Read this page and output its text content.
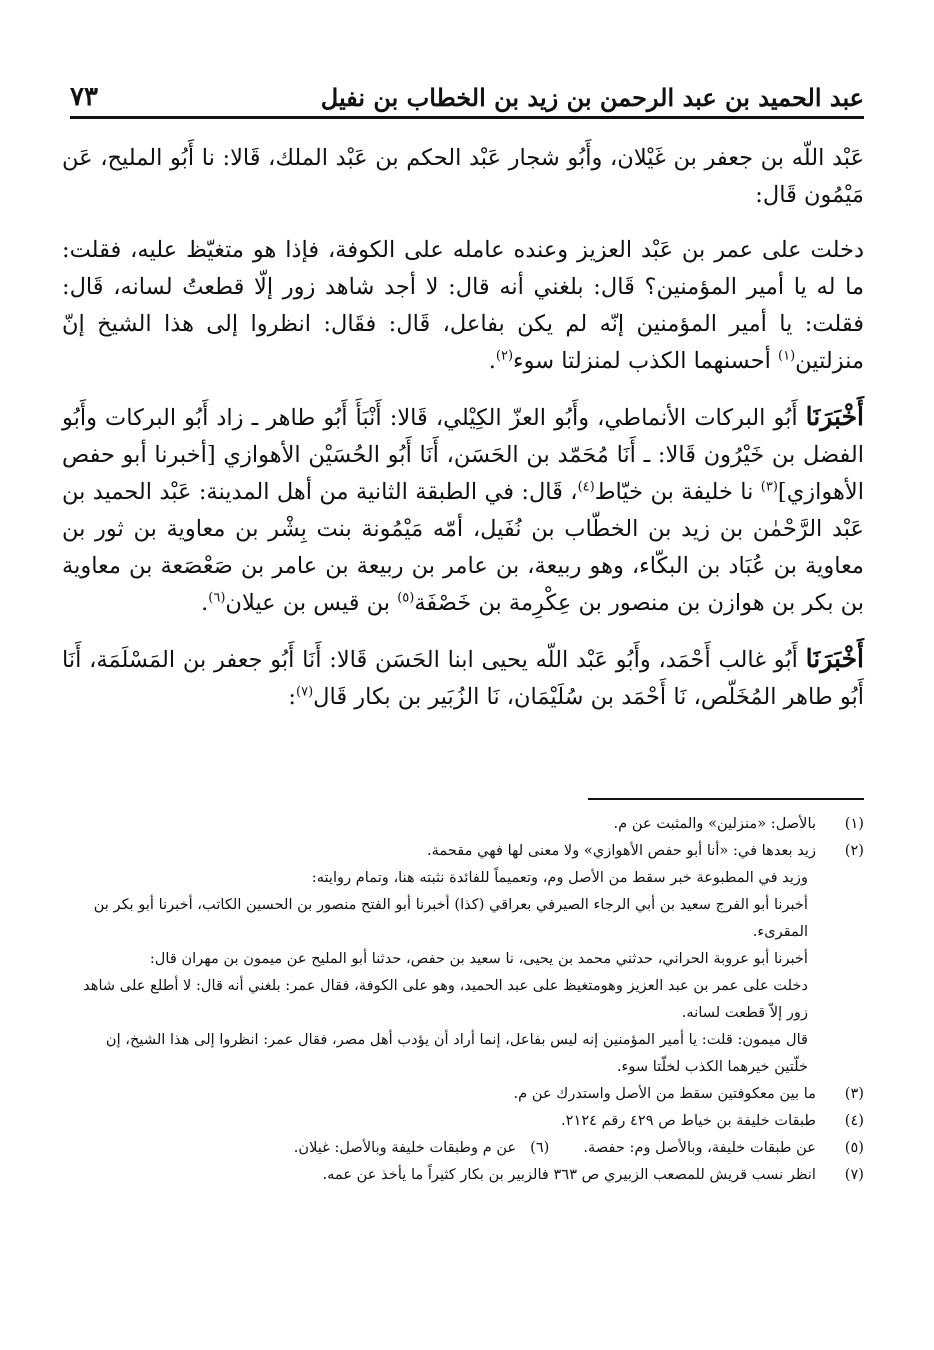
عبد الحميد بن عبد الرحمن بن زيد بن الخطاب بن نفيل
٧٣

عَبْد اللّه بن جعفر بن غَيْلان، وأَبُو شجار عَبْد الحكم بن عَبْد الملك، قَالا: نا أَبُو المليح، عَن مَيْمُون قَال:

دخلت على عمر بن عَبْد العزيز وعنده عامله على الكوفة، فإذا هو متغيّظ عليه، فقلت: ما له يا أمير المؤمنين؟ قَال: بلغني أنه قال: لا أجد شاهد زور إلّا قطعتُ لسانه، قَال: فقلت: يا أمير المؤمنين إنّه لم يكن بفاعل، قَال: فقَال: انظروا إلى هذا الشيخ إنّ منزلتين$^{(١)}$ أحسنهما الكذب لمنزلتا سوء$^{(٢)}$.

أَخْبَرَنَا أَبُو البركات الأنماطي، وأَبُو العزّ الكِيْلي، قَالا: أَنْبَأَ أَبُو طاهر ـ زاد أَبُو البركات وأَبُو الفضل بن خَيْرُون قَالا: ـ أَنَا مُحَمّد بن الحَسَن، أَنَا أَبُو الحُسَيْن الأهوازي [أخبرنا أبو حفص الأهوازي]$^{(٣)}$ نا خليفة بن خيّاط$^{(٤)}$، قَال: في الطبقة الثانية من أهل المدينة: عَبْد الحميد بن عَبْد الرَّحْمٰن بن زيد بن الخطّاب بن نُفَيل، أمّه مَيْمُونة بنت بِشْر بن معاوية بن ثور بن معاوية بن عُبَاد بن البكّاء، وهو ربيعة، بن عامر بن ربيعة بن عامر بن صَعْصَعة بن معاوية بن بكر بن هوازن بن منصور بن عِكْرِمة بن خَصْفَة$^{(٥)}$ بن قيس بن عيلان$^{(٦)}$.

أَخْبَرَنَا أَبُو غالب أَحْمَد، وأَبُو عَبْد اللّه يحيى ابنا الحَسَن قَالا: أَنَا أَبُو جعفر بن المَسْلَمَة، أَنَا أَبُو طاهر المُخَلّص، نَا أَحْمَد بن سُلَيْمَان، نَا الزُبَير بن بكار قَال$^{(٧)}$:

(١)
بالأصل: «منزلين» والمثبت عن م.
(٢)

زيد بعدها في: «أنا أبو حفص الأهوازي» ولا معنى لها فهي مقحمة.

وزيد في المطبوعة خبر سقط من الأصل وم، وتعميماً للفائدة نثبته هنا، وتمام روايته:

أخبرنا أبو الفرج سعيد بن أبي الرجاء الصيرفي بعراقي (كذا) أخبرنا أبو الفتح منصور بن الحسين الكاتب، أخبرنا أبو بكر بن المقرىء.

أخبرنا أبو عروبة الحراني، حدثني محمد بن يحيى، نا سعيد بن حفص، حدثنا أبو المليح عن ميمون بن مهران قال:

دخلت على عمر بن عبد العزيز وهومتغيظ على عبد الحميد، وهو على الكوفة، فقال عمر: بلغني أنه قال: لا أطلع على شاهد زور إلاّ قطعت لسانه.

قال ميمون: قلت: يا أمير المؤمنين إنه ليس بفاعل، إنما أراد أن يؤدب أهل مصر، فقال عمر: انظروا إلى هذا الشيخ، إن خلّتين خيرهما الكذب لخلّتا سوء.

(٣)
ما بين معكوفتين سقط من الأصل واستدرك عن م.
(٤)
طبقات خليفة بن خياط ص ٤٢٩ رقم ٢١٢٤.
(٥)
عن طبقات خليفة، وبالأصل وم: حفصة.(٦)   عن م وطبقات خليفة وبالأصل: غيلان.
(٧)
انظر نسب قريش للمصعب الزبيري ص ٣٦٣ فالزبير بن بكار كثيراً ما يأخذ عن عمه.
